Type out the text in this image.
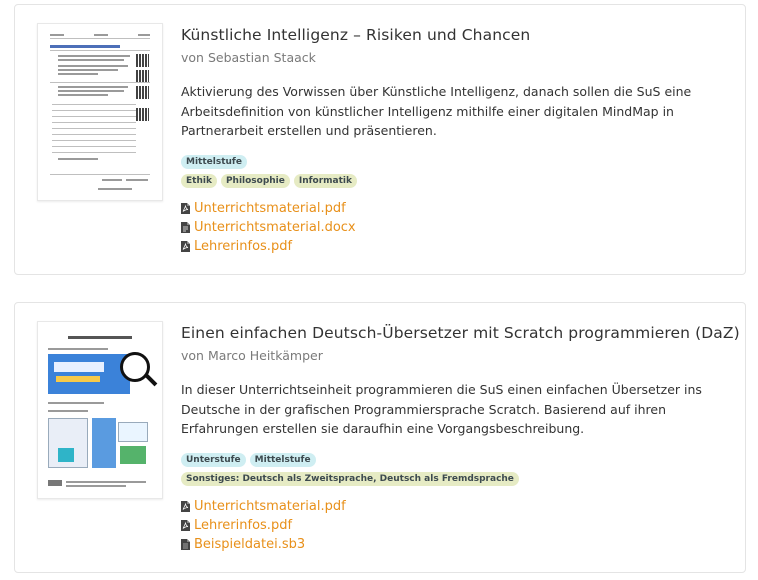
Künstliche Intelligenz – Risiken und Chancen
von Sebastian Staack
Aktivierung des Vorwissen über Künstliche Intelligenz, danach sollen die SuS eine Arbeitsdefinition von künstlicher Intelligenz mithilfe einer digitalen MindMap in Partnerarbeit erstellen und präsentieren.
Mittelstufe
Ethik	Philosophie	Informatik
Unterrichtsmaterial.pdf
Unterrichtsmaterial.docx
Lehrerinfos.pdf
Einen einfachen Deutsch-Übersetzer mit Scratch programmieren (DaZ)
von Marco Heitkämper
In dieser Unterrichtseinheit programmieren die SuS einen einfachen Übersetzer ins Deutsche in der grafischen Programmiersprache Scratch. Basierend auf ihren Erfahrungen erstellen sie daraufhin eine Vorgangsbeschreibung.
Unterstufe	Mittelstufe
Sonstiges: Deutsch als Zweitsprache, Deutsch als Fremdsprache
Unterrichtsmaterial.pdf
Lehrerinfos.pdf
Beispieldatei.sb3
